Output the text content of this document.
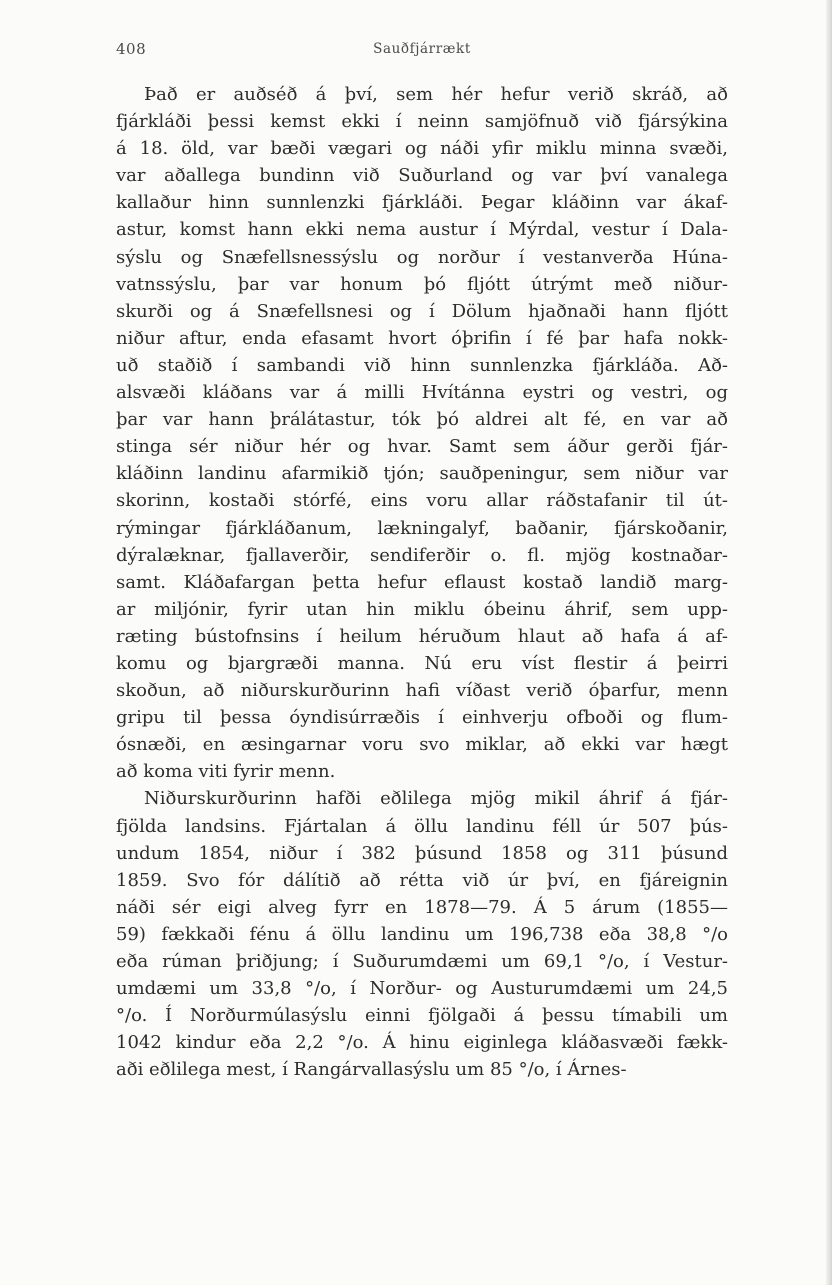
408	Sauðfjárrækt
Það er auðséð á því, sem hér hefur verið skráð, að
fjárkláði þessi kemst ekki í neinn samjöfnuð við fjársýkina
á 18. öld, var bæði vægari og náði yfir miklu minna svæði,
var aðallega bundinn við Suðurland og var því vanalega
kallaður hinn sunnlenzki fjárkláði. Þegar kláðinn var ákaf-
astur, komst hann ekki nema austur í Mýrdal, vestur í Dala-
sýslu og Snæfellsnessýslu og norður í vestanverða Húna-
vatnssýslu, þar var honum þó fljótt útrýmt með niður-
skurði og á Snæfellsnesi og í Dölum hjaðnaði hann fljótt
niður aftur, enda efasamt hvort óþrifin í fé þar hafa nokk-
uð staðið í sambandi við hinn sunnlenzka fjárkláða. Að-
alsvæði kláðans var á milli Hvítánna eystri og vestri, og
þar var hann þrálátastur, tók þó aldrei alt fé, en var að
stinga sér niður hér og hvar. Samt sem áður gerði fjár-
kláðinn landinu afarmikið tjón; sauðpeningur, sem niður var
skorinn, kostaði stórfé, eins voru allar ráðstafanir til út-
rýmingar fjárkláðanum, lækningalyf, baðanir, fjárskoðanir,
dýralæknar, fjallaverðir, sendiferðir o. fl. mjög kostnaðar-
samt. Kláðafargan þetta hefur eflaust kostað landið marg-
ar miljónir, fyrir utan hin miklu óbeinu áhrif, sem upp-
ræting bústofnsins í heilum héruðum hlaut að hafa á af-
komu og bjargræði manna. Nú eru víst flestir á þeirri
skoðun, að niðurskurðurinn hafi víðast verið óþarfur, menn
gripu til þessa óyndisúrræðis í einhverju ofboði og flum-
ósnæði, en æsingarnar voru svo miklar, að ekki var hægt
að koma viti fyrir menn.
Niðurskurðurinn hafði eðlilega mjög mikil áhrif á fjár-
fjölda landsins. Fjártalan á öllu landinu féll úr 507 þús-
undum 1854, niður í 382 þúsund 1858 og 311 þúsund
1859. Svo fór dálítið að rétta við úr því, en fjáreignin
náði sér eigi alveg fyrr en 1878—79. Á 5 árum (1855—
59) fækkaði fénu á öllu landinu um 196,738 eða 38,8 °/o
eða rúman þriðjung; í Suðurumdæmi um 69,1 °/o, í Vestur-
umdæmi um 33,8 °/o, í Norður- og Austurumdæmi um 24,5
°/o. Í Norðurmúlasýslu einni fjölgaði á þessu tímabili um
1042 kindur eða 2,2 °/o. Á hinu eiginlega kláðasvæði fækk-
aði eðlilega mest, í Rangárvallasýslu um 85 °/o, í Árnes-
